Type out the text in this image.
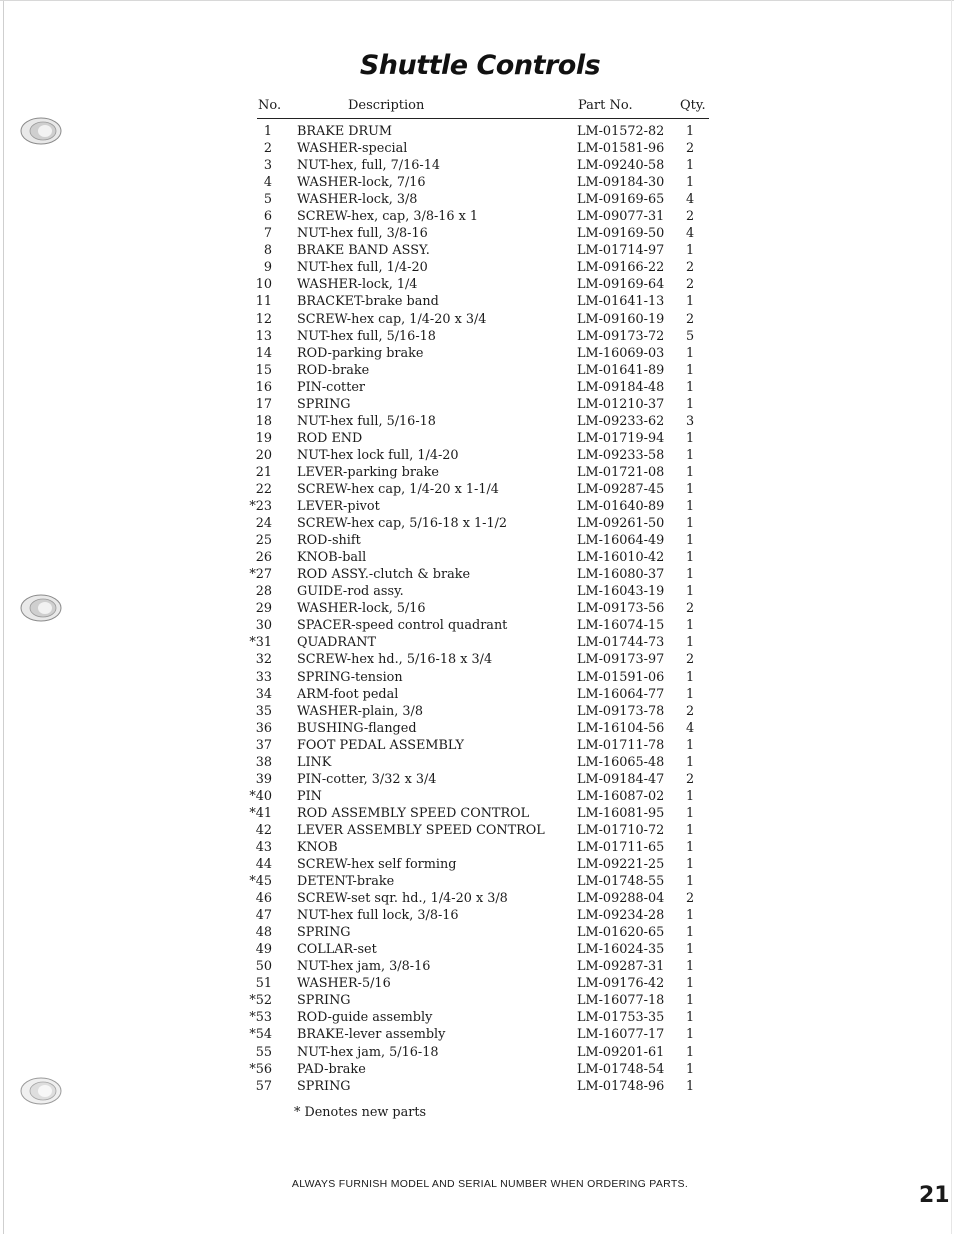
Shuttle Controls
No.	Description	Part No.	Qty.
1 BRAKE DRUM	LM-01572-82 1
2 WASHER-special	LM-01581-96 2
3 NUT-hex, full, 7/16-14	LM-09240-58 1
4 WASHER-lock, 7/16	LM-09184-30 1
5 WASHER-lock, 3/8	LM-09169-65 4
6 SCREW-hex, cap, 3/8-16 x 1	LM-09077-31 2
7 NUT-hex full, 3/8-16	LM-09169-50 4
8 BRAKE BAND ASSY.	LM-01714-97 1
9 NUT-hex full, 1/4-20	LM-09166-22 2
10 WASHER-lock, 1/4	LM-09169-64 2
11 BRACKET-brake band	LM-01641-13 1
12 SCREW-hex cap, 1/4-20 x 3/4	LM-09160-19 2
13 NUT-hex full, 5/16-18	LM-09173-72 5
14 ROD-parking brake	LM-16069-03 1
15 ROD-brake	LM-01641-89 1
16 PIN-cotter	LM-09184-48 1
17 SPRING	LM-01210-37 1
18 NUT-hex full, 5/16-18	LM-09233-62 3
19 ROD END	LM-01719-94 1
20 NUT-hex lock full, 1/4-20	LM-09233-58 1
21 LEVER-parking brake	LM-01721-08 1
22 SCREW-hex cap, 1/4-20 x 1-1/4	LM-09287-45 1
*23 LEVER-pivot	LM-01640-89 1
24 SCREW-hex cap, 5/16-18 x 1-1/2	LM-09261-50 1
25 ROD-shift	LM-16064-49 1
26 KNOB-ball	LM-16010-42 1
*27 ROD ASSY.-clutch & brake	LM-16080-37 1
28 GUIDE-rod assy.	LM-16043-19 1
29 WASHER-lock, 5/16	LM-09173-56 2
30 SPACER-speed control quadrant	LM-16074-15 1
*31 QUADRANT	LM-01744-73 1
32 SCREW-hex hd., 5/16-18 x 3/4	LM-09173-97 2
33 SPRING-tension	LM-01591-06 1
34 ARM-foot pedal	LM-16064-77 1
35 WASHER-plain, 3/8	LM-09173-78 2
36 BUSHING-flanged	LM-16104-56 4
37 FOOT PEDAL ASSEMBLY	LM-01711-78 1
38 LINK	LM-16065-48 1
39 PIN-cotter, 3/32 x 3/4	LM-09184-47 2
*40 PIN	LM-16087-02 1
*41 ROD ASSEMBLY SPEED CONTROL	LM-16081-95 1
42 LEVER ASSEMBLY SPEED CONTROL	LM-01710-72 1
43 KNOB	LM-01711-65 1
44 SCREW-hex self forming	LM-09221-25 1
*45 DETENT-brake	LM-01748-55 1
46 SCREW-set sqr. hd., 1/4-20 x 3/8	LM-09288-04 2
47 NUT-hex full lock, 3/8-16	LM-09234-28 1
48 SPRING	LM-01620-65 1
49 COLLAR-set	LM-16024-35 1
50 NUT-hex jam, 3/8-16	LM-09287-31 1
51 WASHER-5/16	LM-09176-42 1
*52 SPRING	LM-16077-18 1
*53 ROD-guide assembly	LM-01753-35 1
*54 BRAKE-lever assembly	LM-16077-17 1
55 NUT-hex jam, 5/16-18	LM-09201-61 1
*56 PAD-brake	LM-01748-54 1
57 SPRING	LM-01748-96 1
* Denotes new parts
ALWAYS FURNISH MODEL AND SERIAL NUMBER WHEN ORDERING PARTS.	21
